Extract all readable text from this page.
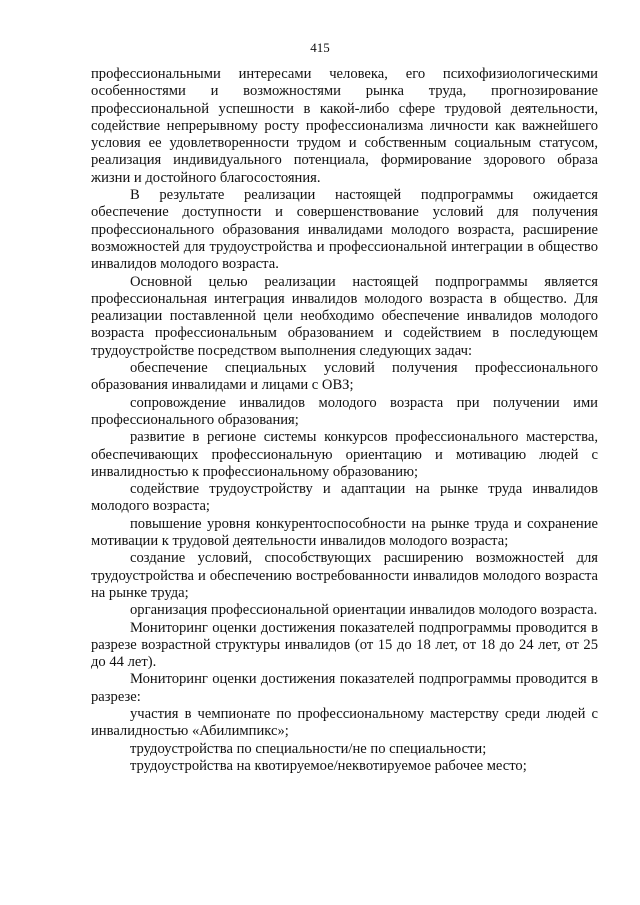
415

профессиональными интересами человека, его психофизиологическими особенностями и возможностями рынка труда, прогнозирование профессиональной успешности в какой-либо сфере трудовой деятельности, содействие непрерывному росту профессионализма личности как важнейшего условия ее удовлетворенности трудом и собственным социальным статусом, реализация индивидуального потенциала, формирование здорового образа жизни и достойного благосостояния.

В результате реализации настоящей подпрограммы ожидается обеспечение доступности и совершенствование условий для получения профессионального образования инвалидами молодого возраста, расширение возможностей для трудоустройства и профессиональной интеграции в общество инвалидов молодого возраста.

Основной целью реализации настоящей подпрограммы является профессиональная интеграция инвалидов молодого возраста в общество. Для реализации поставленной цели необходимо обеспечение инвалидов молодого возраста профессиональным образованием и содействием в последующем трудоустройстве посредством выполнения следующих задач:

обеспечение специальных условий получения профессионального образования инвалидами и лицами с ОВЗ;

сопровождение инвалидов молодого возраста при получении ими профессионального образования;

развитие в регионе системы конкурсов профессионального мастерства, обеспечивающих профессиональную ориентацию и мотивацию людей с инвалидностью к профессиональному образованию;

содействие трудоустройству и адаптации на рынке труда инвалидов молодого возраста;

повышение уровня конкурентоспособности на рынке труда и сохранение мотивации к трудовой деятельности инвалидов молодого возраста;

создание условий, способствующих расширению возможностей для трудоустройства и обеспечению востребованности инвалидов молодого возраста на рынке труда;

организация профессиональной ориентации инвалидов молодого возраста.

Мониторинг оценки достижения показателей подпрограммы проводится в разрезе возрастной структуры инвалидов (от 15 до 18 лет, от 18 до 24 лет, от 25 до 44 лет).

Мониторинг оценки достижения показателей подпрограммы проводится в разрезе:

участия в чемпионате по профессиональному мастерству среди людей с инвалидностью «Абилимпикс»;

трудоустройства по специальности/не по специальности;

трудоустройства на квотируемое/неквотируемое рабочее место;
